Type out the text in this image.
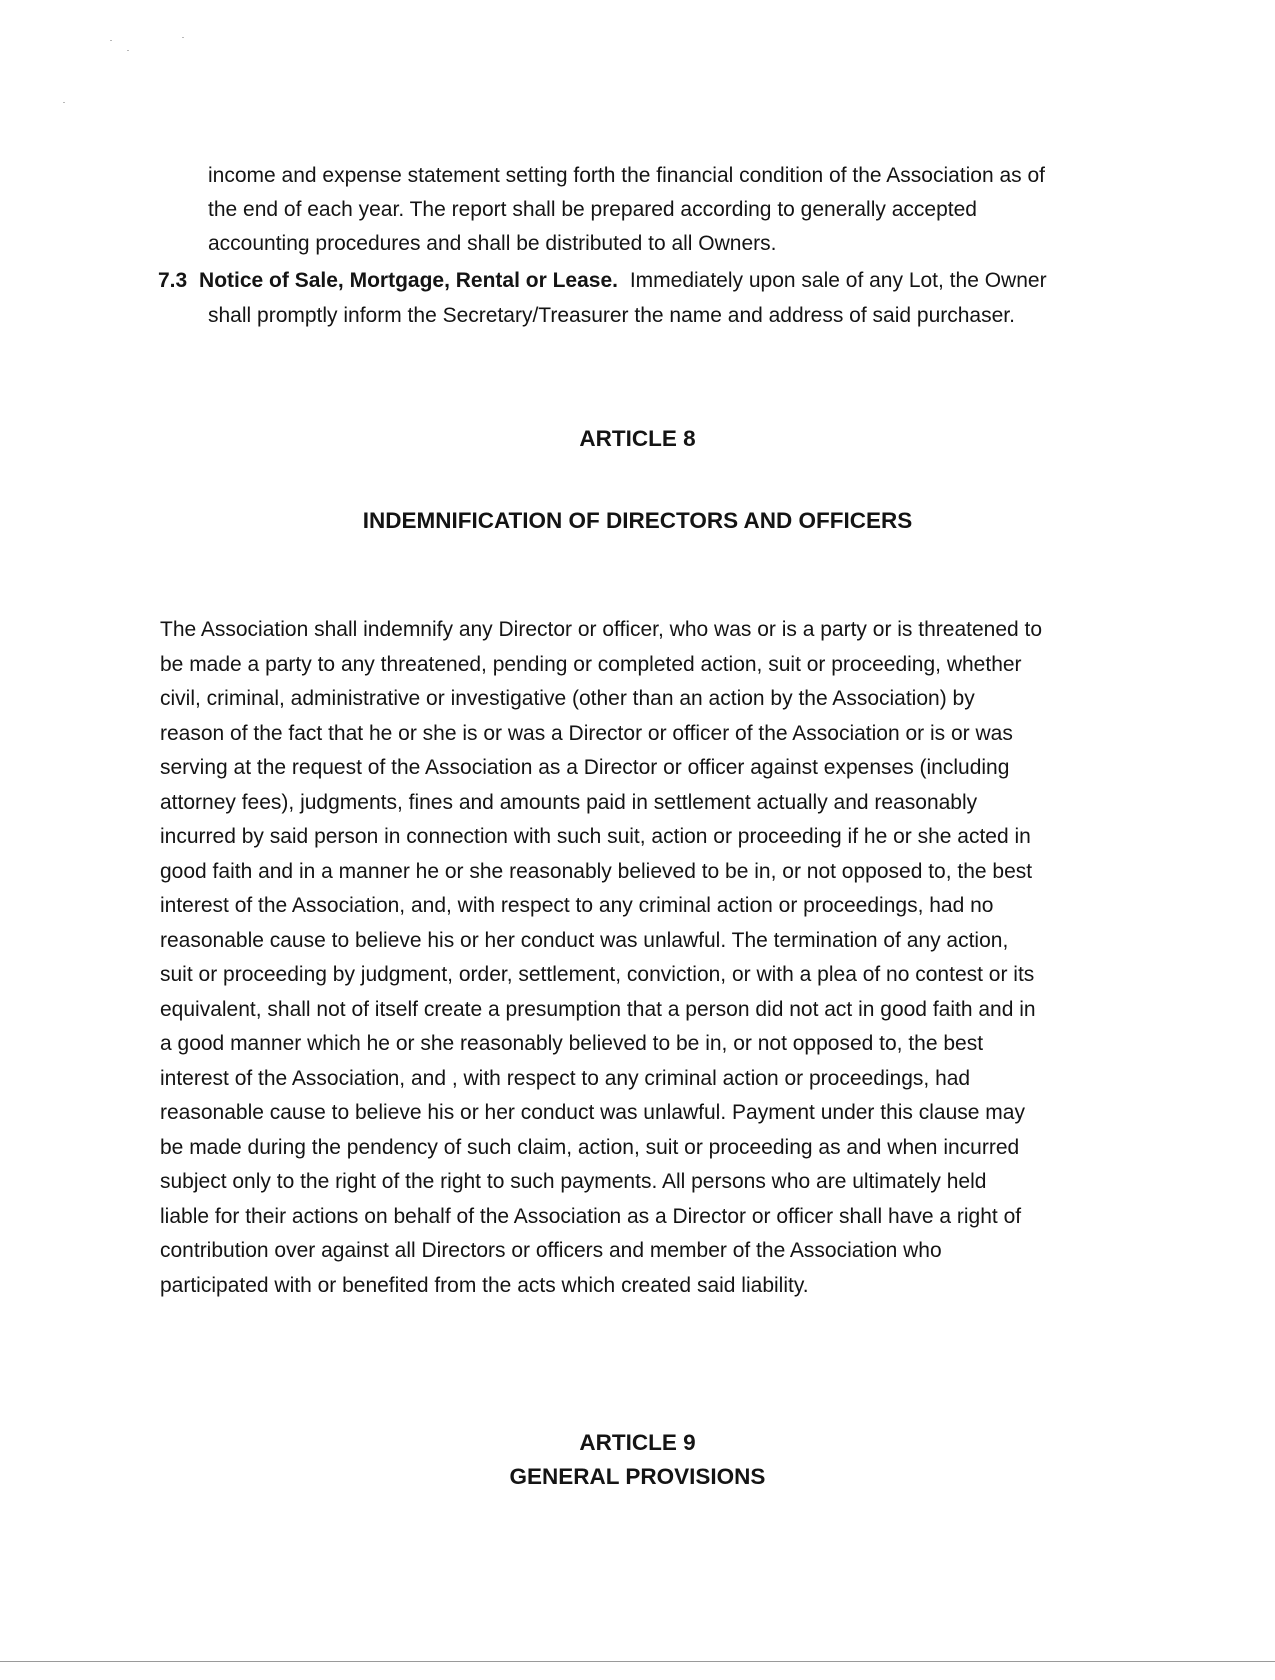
income and expense statement setting forth the financial condition of the Association as of
the end of each year. The report shall be prepared according to generally accepted
accounting procedures and shall be distributed to all Owners.
7.3 Notice of Sale, Mortgage, Rental or Lease. Immediately upon sale of any Lot, the Owner
shall promptly inform the Secretary/Treasurer the name and address of said purchaser.
ARTICLE 8
INDEMNIFICATION OF DIRECTORS AND OFFICERS
The Association shall indemnify any Director or officer, who was or is a party or is threatened to
be made a party to any threatened, pending or completed action, suit or proceeding, whether
civil, criminal, administrative or investigative (other than an action by the Association) by
reason of the fact that he or she is or was a Director or officer of the Association or is or was
serving at the request of the Association as a Director or officer against expenses (including
attorney fees), judgments, fines and amounts paid in settlement actually and reasonably
incurred by said person in connection with such suit, action or proceeding if he or she acted in
good faith and in a manner he or she reasonably believed to be in, or not opposed to, the best
interest of the Association, and, with respect to any criminal action or proceedings, had no
reasonable cause to believe his or her conduct was unlawful. The termination of any action,
suit or proceeding by judgment, order, settlement, conviction, or with a plea of no contest or its
equivalent, shall not of itself create a presumption that a person did not act in good faith and in
a good manner which he or she reasonably believed to be in, or not opposed to, the best
interest of the Association, and , with respect to any criminal action or proceedings, had
reasonable cause to believe his or her conduct was unlawful. Payment under this clause may
be made during the pendency of such claim, action, suit or proceeding as and when incurred
subject only to the right of the right to such payments. All persons who are ultimately held
liable for their actions on behalf of the Association as a Director or officer shall have a right of
contribution over against all Directors or officers and member of the Association who
participated with or benefited from the acts which created said liability.
ARTICLE 9
GENERAL PROVISIONS
